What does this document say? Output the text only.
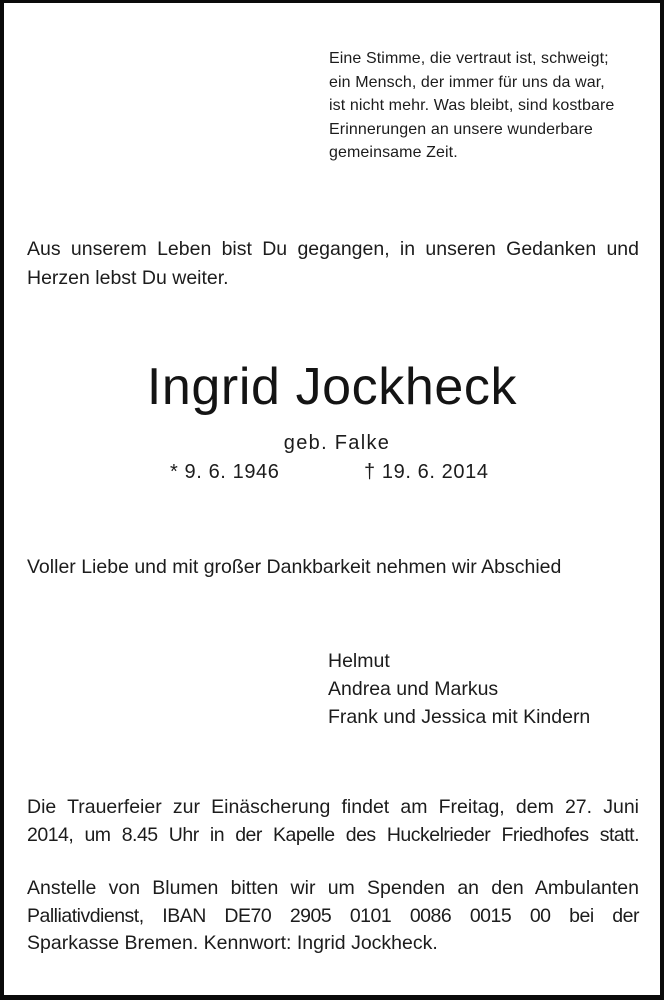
Eine Stimme, die vertraut ist, schweigt;
ein Mensch, der immer für uns da war,
ist nicht mehr. Was bleibt, sind kostbare
Erinnerungen an unsere wunderbare
gemeinsame Zeit.
Aus unserem Leben bist Du gegangen, in unseren Gedanken und
Herzen lebst Du weiter.
Ingrid Jockheck
geb. Falke
* 9. 6. 1946	† 19. 6. 2014
Voller Liebe und mit großer Dankbarkeit nehmen wir Abschied
Helmut
Andrea und Markus
Frank und Jessica mit Kindern
Die Trauerfeier zur Einäscherung findet am Freitag, dem 27. Juni
2014, um 8.45 Uhr in der Kapelle des Huckelrieder Friedhofes statt.
Anstelle von Blumen bitten wir um Spenden an den Ambulanten
Palliativdienst, IBAN DE70 2905 0101 0086 0015 00 bei der
Sparkasse Bremen. Kennwort: Ingrid Jockheck.
